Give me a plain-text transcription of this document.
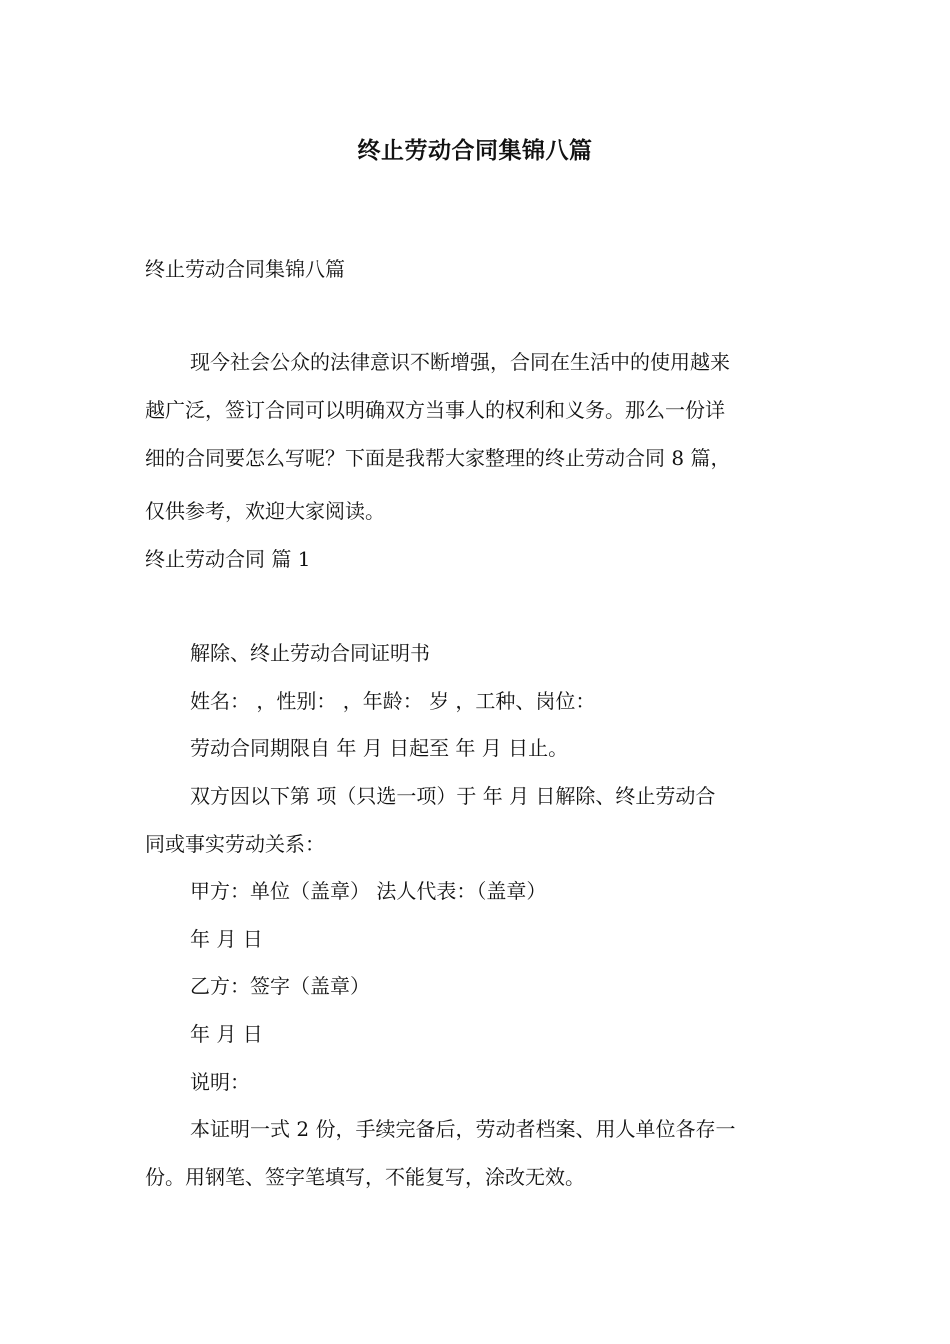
终止劳动合同集锦八篇
终止劳动合同集锦八篇
现今社会公众的法律意识不断增强，合同在生活中的使用越来
越广泛，签订合同可以明确双方当事人的权利和义务。那么一份详
细的合同要怎么写呢？下面是我帮大家整理的终止劳动合同 8 篇，
仅供参考，欢迎大家阅读。
终止劳动合同 篇 1
解除、终止劳动合同证明书
姓名： ，性别： ，年龄： 岁 ，工种、岗位：
劳动合同期限自 年 月 日起至 年 月 日止。
双方因以下第 项（只选一项）于 年 月 日解除、终止劳动合
同或事实劳动关系：
甲方：单位（盖章） 法人代表：（盖章）
年 月 日
乙方：签字（盖章）
年 月 日
说明：
本证明一式 2 份，手续完备后，劳动者档案、用人单位各存一
份。用钢笔、签字笔填写，不能复写，涂改无效。
